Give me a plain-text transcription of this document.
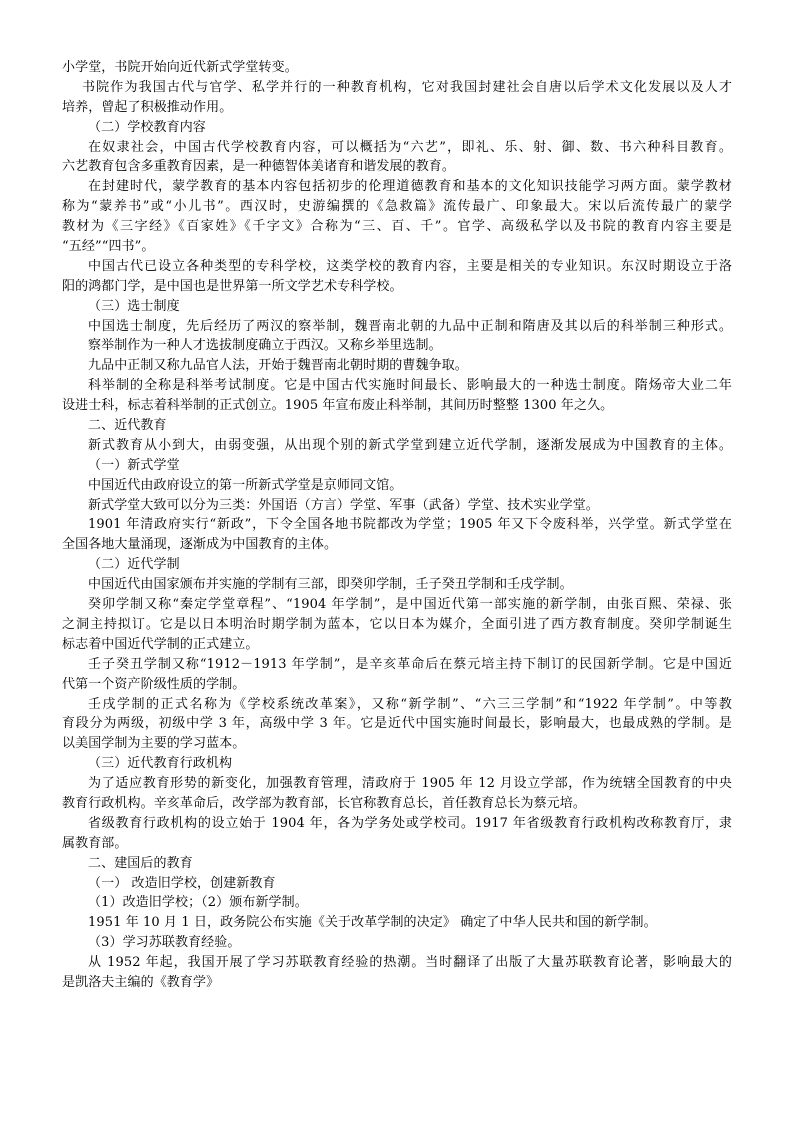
小学堂，书院开始向近代新式学堂转变。
书院作为我国古代与官学、私学并行的一种教育机构，它对我国封建社会自唐以后学术文化发展以及人才
培养，曾起了积极推动作用。
（二）学校教育内容
在奴隶社会，中国古代学校教育内容，可以概括为“六艺”，即礼、乐、射、御、数、书六种科目教育。
六艺教育包含多重教育因素，是一种德智体美诸育和谐发展的教育。
在封建时代，蒙学教育的基本内容包括初步的伦理道德教育和基本的文化知识技能学习两方面。蒙学教材
称为“蒙养书”或“小儿书”。西汉时，史游编撰的《急救篇》流传最广、印象最大。宋以后流传最广的蒙学
教材为《三字经》《百家姓》《千字文》合称为“三、百、千”。官学、高级私学以及书院的教育内容主要是
“五经”“四书”。
中国古代已设立各种类型的专科学校，这类学校的教育内容，主要是相关的专业知识。东汉时期设立于洛
阳的鸿都门学，是中国也是世界第一所文学艺术专科学校。
（三）选士制度
中国选士制度，先后经历了两汉的察举制，魏晋南北朝的九品中正制和隋唐及其以后的科举制三种形式。
察举制作为一种人才选拔制度确立于西汉。又称乡举里选制。
九品中正制又称九品官人法，开始于魏晋南北朝时期的曹魏争取。
科举制的全称是科举考试制度。它是中国古代实施时间最长、影响最大的一种选士制度。隋炀帝大业二年
设进士科，标志着科举制的正式创立。1905 年宣布废止科举制，其间历时整整 1300 年之久。
二、近代教育
新式教育从小到大，由弱变强，从出现个别的新式学堂到建立近代学制，逐渐发展成为中国教育的主体。
（一）新式学堂
中国近代由政府设立的第一所新式学堂是京师同文馆。
新式学堂大致可以分为三类：外国语（方言）学堂、军事（武备）学堂、技术实业学堂。
1901 年清政府实行“新政”，下令全国各地书院都改为学堂；1905 年又下令废科举，兴学堂。新式学堂在
全国各地大量涌现，逐渐成为中国教育的主体。
（二）近代学制
中国近代由国家颁布并实施的学制有三部，即癸卯学制，壬子癸丑学制和壬戌学制。
癸卯学制又称“秦定学堂章程”、“1904 年学制”，是中国近代第一部实施的新学制，由张百熙、荣禄、张
之洞主持拟订。它是以日本明治时期学制为蓝本，它以日本为媒介，全面引进了西方教育制度。癸卯学制诞生
标志着中国近代学制的正式建立。
壬子癸丑学制又称“1912－1913 年学制”，是辛亥革命后在蔡元培主持下制订的民国新学制。它是中国近
代第一个资产阶级性质的学制。
壬戌学制的正式名称为《学校系统改革案》，又称“新学制”、“六三三学制”和“1922 年学制”。中等教
育段分为两级，初级中学 3 年，高级中学 3 年。它是近代中国实施时间最长，影响最大，也最成熟的学制。是
以美国学制为主要的学习蓝本。
（三）近代教育行政机构
为了适应教育形势的新变化，加强教育管理，清政府于 1905 年 12 月设立学部，作为统辖全国教育的中央
教育行政机构。辛亥革命后，改学部为教育部，长官称教育总长，首任教育总长为蔡元培。
省级教育行政机构的设立始于 1904 年，各为学务处或学校司。1917 年省级教育行政机构改称教育厅，隶
属教育部。
二、建国后的教育
（一） 改造旧学校，创建新教育
（1）改造旧学校；（2）颁布新学制。
1951 年 10 月 1 日，政务院公布实施《关于改革学制的决定》 确定了中华人民共和国的新学制。
（3）学习苏联教育经验。
从 1952 年起，我国开展了学习苏联教育经验的热潮。当时翻译了出版了大量苏联教育论著，影响最大的
是凯洛夫主编的《教育学》
